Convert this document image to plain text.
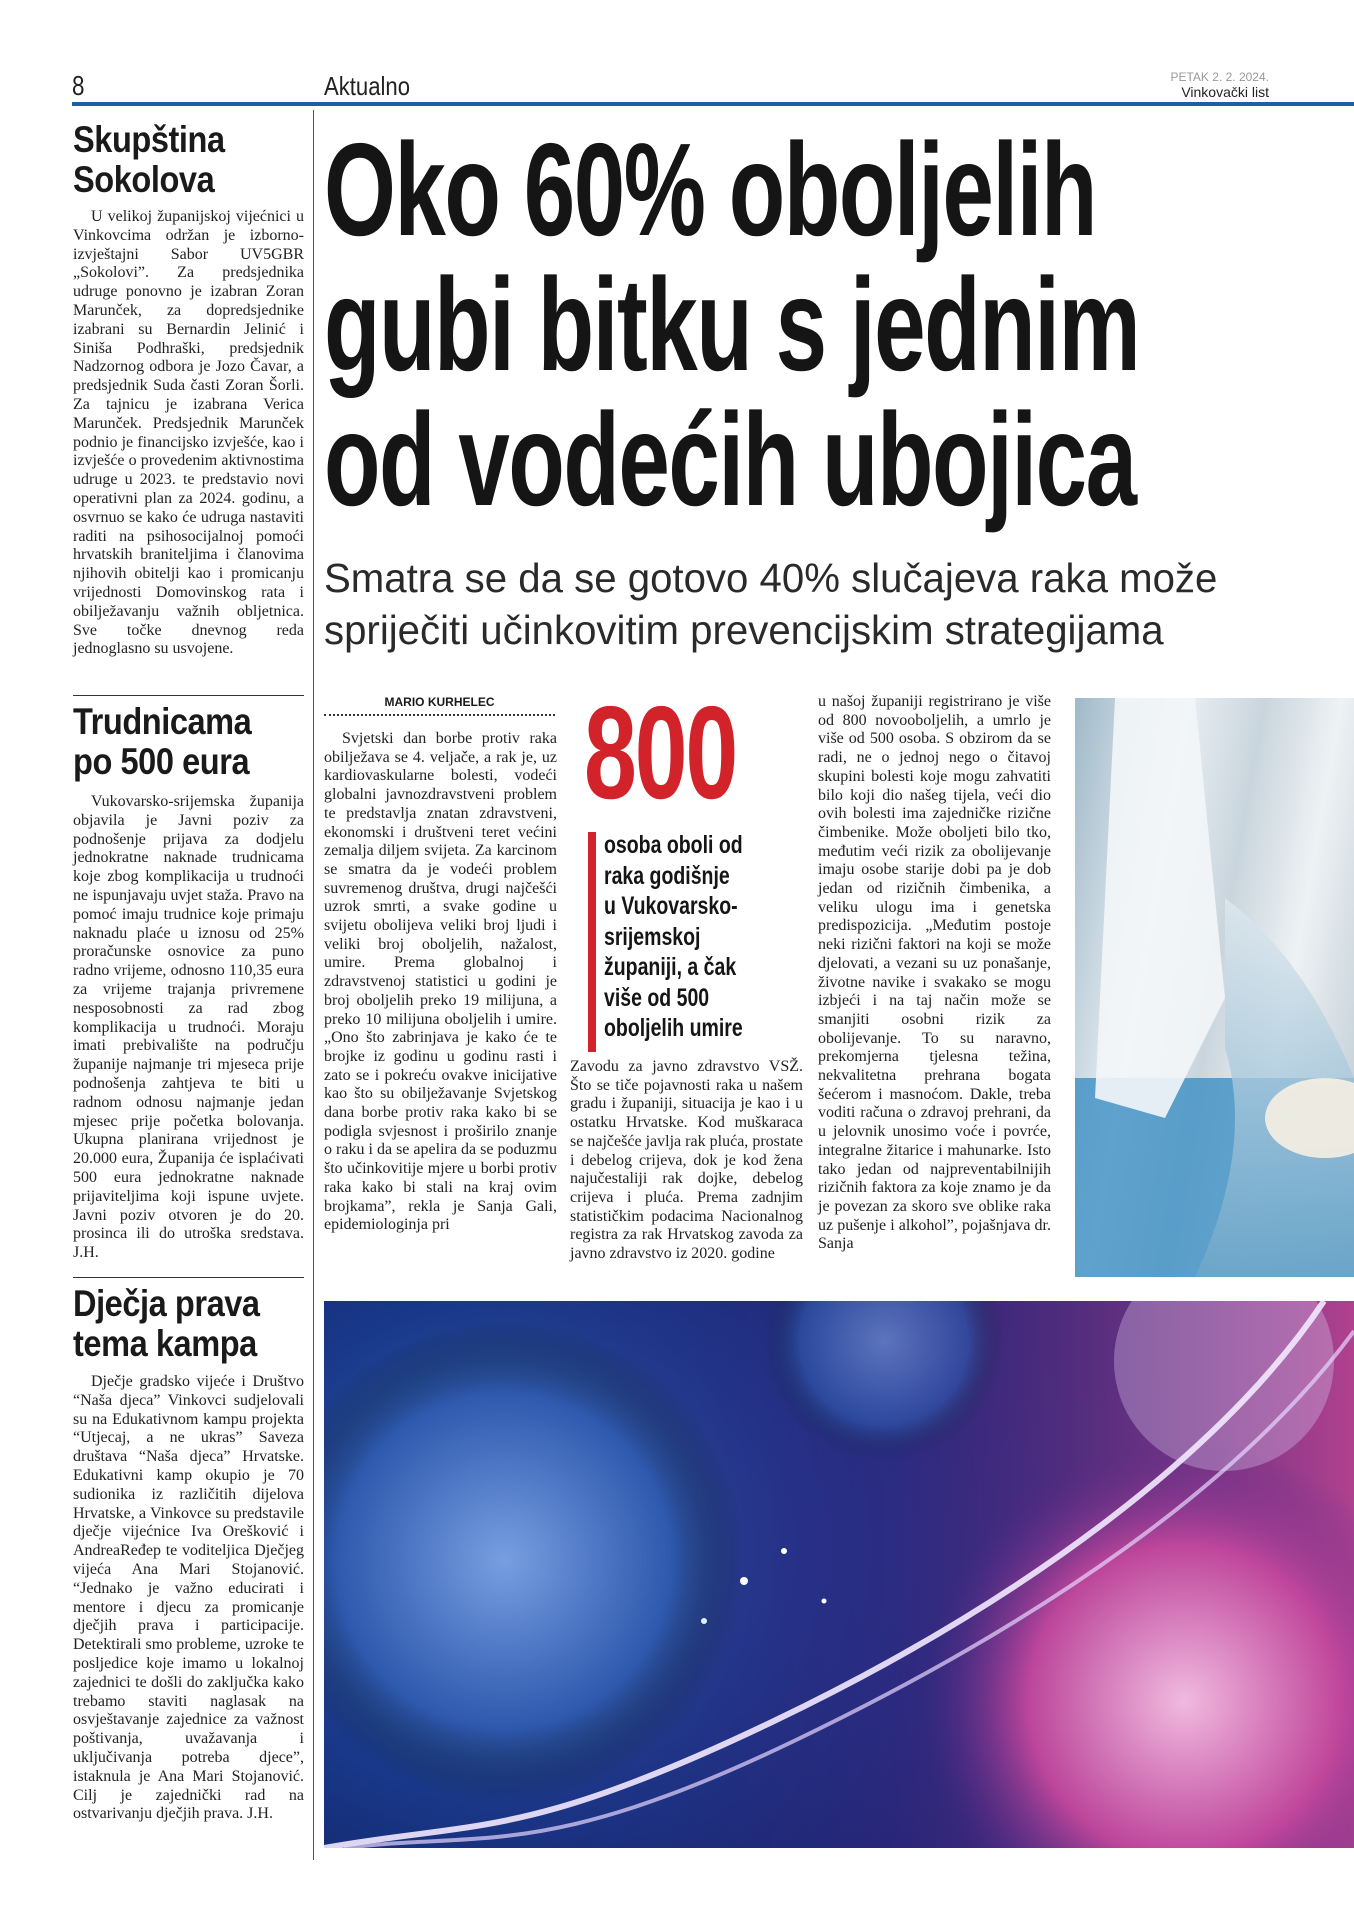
8	Aktualno	PETAK 2. 2. 2024.
Vinkovački list
Skupština Sokolova
U velikoj županijskoj vijećnici u Vinkovcima održan je izborno-izvještajni Sabor UV5GBR „Sokolovi”. Za predsjednika udruge ponovno je izabran Zoran Marunček, za dopredsjednike izabrani su Bernardin Jelinić i Siniša Podhraški, predsjednik Nadzornog odbora je Jozo Čavar, a predsjednik Suda časti Zoran Šorli. Za tajnicu je izabrana Verica Marunček. Predsjednik Marunček podnio je financijsko izvješće, kao i izvješće o provedenim aktivnostima udruge u 2023. te predstavio novi operativni plan za 2024. godinu, a osvrnuo se kako će udruga nastaviti raditi na psihosocijalnoj pomoći hrvatskih braniteljima i članovima njihovih obitelji kao i promicanju vrijednosti Domovinskog rata i obilježavanju važnih obljetnica. Sve točke dnevnog reda jednoglasno su usvojene.
Trudnicama po 500 eura
Vukovarsko-srijemska županija objavila je Javni poziv za podnošenje prijava za dodjelu jednokratne naknade trudnicama koje zbog komplikacija u trudnoći ne ispunjavaju uvjet staža. Pravo na pomoć imaju trudnice koje primaju naknadu plaće u iznosu od 25% proračunske osnovice za puno radno vrijeme, odnosno 110,35 eura za vrijeme trajanja privremene nesposobnosti za rad zbog komplikacija u trudnoći. Moraju imati prebivalište na području županije najmanje tri mjeseca prije podnošenja zahtjeva te biti u radnom odnosu najmanje jedan mjesec prije početka bolovanja. Ukupna planirana vrijednost je 20.000 eura, Županija će isplaćivati 500 eura jednokratne naknade prijaviteljima koji ispune uvjete. Javni poziv otvoren je do 20. prosinca ili do utroška sredstava. J.H.
Dječja prava tema kampa
Dječje gradsko vijeće i Društvo “Naša djeca” Vinkovci sudjelovali su na Edukativnom kampu projekta “Utjecaj, a ne ukras” Saveza društava “Naša djeca” Hrvatske. Edukativni kamp okupio je 70 sudionika iz različitih dijelova Hrvatske, a Vinkovce su predstavile dječje vijećnice Iva Orešković i AndreaReđep te voditeljica Dječjeg vijeća Ana Mari Stojanović. “Jednako je važno educirati i mentore i djecu za promicanje dječjih prava i participacije. Detektirali smo probleme, uzroke te posljedice koje imamo u lokalnoj zajednici te došli do zaključka kako trebamo staviti naglasak na osvještavanje zajednice za važnost poštivanja, uvažavanja i uključivanja potreba djece”, istaknula je Ana Mari Stojanović. Cilj je zajednički rad na ostvarivanju dječjih prava. J.H.
Oko 60% oboljelih
gubi bitku s jednim
od vodećih ubojica
Smatra se da se gotovo 40% slučajeva raka može
spriječiti učinkovitim prevencijskim strategijama
MARIO KURHELEC
Svjetski dan borbe protiv raka obilježava se 4. veljače, a rak je, uz kardiovaskularne bolesti, vodeći globalni javnozdravstveni problem te predstavlja znatan zdravstveni, ekonomski i društveni teret većini zemalja diljem svijeta. Za karcinom se smatra da je vodeći problem suvremenog društva, drugi najčešći uzrok smrti, a svake godine u svijetu obolijeva veliki broj ljudi i veliki broj oboljelih, nažalost, umire. Prema globalnoj i zdravstvenoj statistici u godini je broj oboljelih preko 19 milijuna, a preko 10 milijuna oboljelih i umire. „Ono što zabrinjava je kako će te brojke iz godinu u godinu rasti i zato se i pokreću ovakve inicijative kao što su obilježavanje Svjetskog dana borbe protiv raka kako bi se podigla svjesnost i proširilo znanje o raku i da se apelira da se poduzmu što učinkovitije mjere u borbi protiv raka kako bi stali na kraj ovim brojkama”, rekla je Sanja Gali, epidemiologinja pri
800
osoba oboli od
raka godišnje
u Vukovarsko-
srijemskoj
županiji, a čak
više od 500
oboljelih umire
Zavodu za javno zdravstvo VSŽ. Što se tiče pojavnosti raka u našem gradu i županiji, situacija je kao i u ostatku Hrvatske. Kod muškaraca se najčešće javlja rak pluća, prostate i debelog crijeva, dok je kod žena najučestaliji rak dojke, debelog crijeva i pluća. Prema zadnjim statističkim podacima Nacionalnog registra za rak Hrvatskog zavoda za javno zdravstvo iz 2020. godine
u našoj županiji registrirano je više od 800 novooboljelih, a umrlo je više od 500 osoba. S obzirom da se radi, ne o jednoj nego o čitavoj skupini bolesti koje mogu zahvatiti bilo koji dio našeg tijela, veći dio ovih bolesti ima zajedničke rizične čimbenike. Može oboljeti bilo tko, međutim veći rizik za obolijevanje imaju osobe starije dobi pa je dob jedan od rizičnih čimbenika, a veliku ulogu ima i genetska predispozicija. „Međutim postoje neki rizični faktori na koji se može djelovati, a vezani su uz ponašanje, životne navike i svakako se mogu izbjeći i na taj način može se smanjiti osobni rizik za obolijevanje. To su naravno, prekomjerna tjelesna težina, nekvalitetna prehrana bogata šećerom i masnoćom. Dakle, treba voditi računa o zdravoj prehrani, da u jelovnik unosimo voće i povrće, integralne žitarice i mahunarke. Isto tako jedan od najpreventabilnijih rizičnih faktora za koje znamo je da je povezan za skoro sve oblike raka uz pušenje i alkohol”, pojašnjava dr. Sanja
